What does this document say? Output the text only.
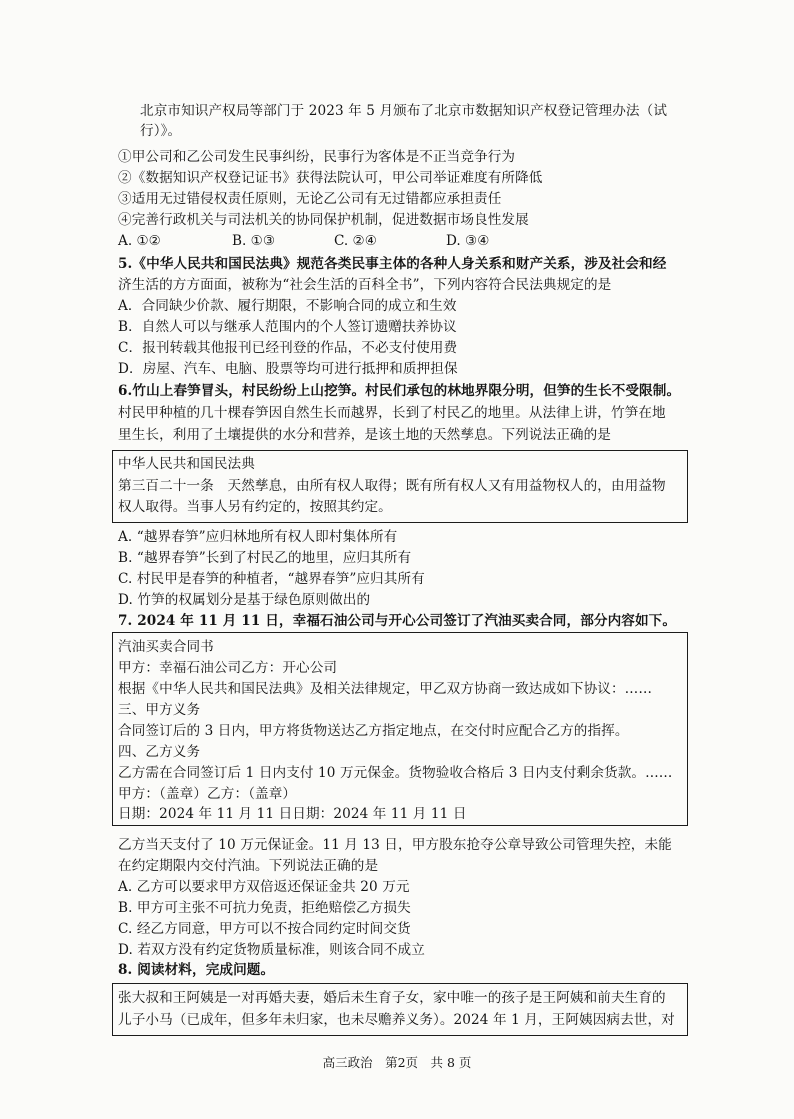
北京市知识产权局等部门于 2023 年 5 月颁布了北京市数据知识产权登记管理办法（试
行）》。
①甲公司和乙公司发生民事纠纷，民事行为客体是不正当竞争行为
②《数据知识产权登记证书》获得法院认可，甲公司举证难度有所降低
③适用无过错侵权责任原则，无论乙公司有无过错都应承担责任
④完善行政机关与司法机关的协同保护机制，促进数据市场良性发展
A. ①②	B. ①③	C. ②④	D. ③④
5.《中华人民共和国民法典》规范各类民事主体的各种人身关系和财产关系，涉及社会和经
济生活的方方面面，被称为“社会生活的百科全书”，下列内容符合民法典规定的是
A．合同缺少价款、履行期限，不影响合同的成立和生效
B．自然人可以与继承人范围内的个人签订遗赠扶养协议
C．报刊转载其他报刊已经刊登的作品，不必支付使用费
D．房屋、汽车、电脑、股票等均可进行抵押和质押担保
6.竹山上春笋冒头，村民纷纷上山挖笋。村民们承包的林地界限分明，但笋的生长不受限制。
村民甲种植的几十棵春笋因自然生长而越界，长到了村民乙的地里。从法律上讲，竹笋在地
里生长，利用了土壤提供的水分和营养，是该土地的天然孳息。下列说法正确的是
中华人民共和国民法典
第三百二十一条　天然孳息，由所有权人取得；既有所有权人又有用益物权人的，由用益物
权人取得。当事人另有约定的，按照其约定。
A. “越界春笋”应归林地所有权人即村集体所有
B. “越界春笋”长到了村民乙的地里，应归其所有
C. 村民甲是春笋的种植者，“越界春笋”应归其所有
D. 竹笋的权属划分是基于绿色原则做出的
7. 2024 年 11 月 11 日，幸福石油公司与开心公司签订了汽油买卖合同，部分内容如下。
汽油买卖合同书
甲方：幸福石油公司乙方：开心公司
根据《中华人民共和国民法典》及相关法律规定，甲乙双方协商一致达成如下协议：……
三、甲方义务
合同签订后的 3 日内，甲方将货物送达乙方指定地点，在交付时应配合乙方的指挥。
四、乙方义务
乙方需在合同签订后 1 日内支付 10 万元保金。货物验收合格后 3 日内支付剩余货款。……
甲方：（盖章）乙方：（盖章）
日期：2024 年 11 月 11 日日期：2024 年 11 月 11 日
乙方当天支付了 10 万元保证金。11 月 13 日，甲方股东抢夺公章导致公司管理失控，未能
在约定期限内交付汽油。下列说法正确的是
A. 乙方可以要求甲方双倍返还保证金共 20 万元
B. 甲方可主张不可抗力免责，拒绝赔偿乙方损失
C. 经乙方同意，甲方可以不按合同约定时间交货
D. 若双方没有约定货物质量标准，则该合同不成立
8. 阅读材料，完成问题。
张大叔和王阿姨是一对再婚夫妻，婚后未生育子女，家中唯一的孩子是王阿姨和前夫生育的
儿子小马（已成年，但多年未归家，也未尽赡养义务）。2024 年 1 月，王阿姨因病去世，对
高三政治　第2页　共 8 页
